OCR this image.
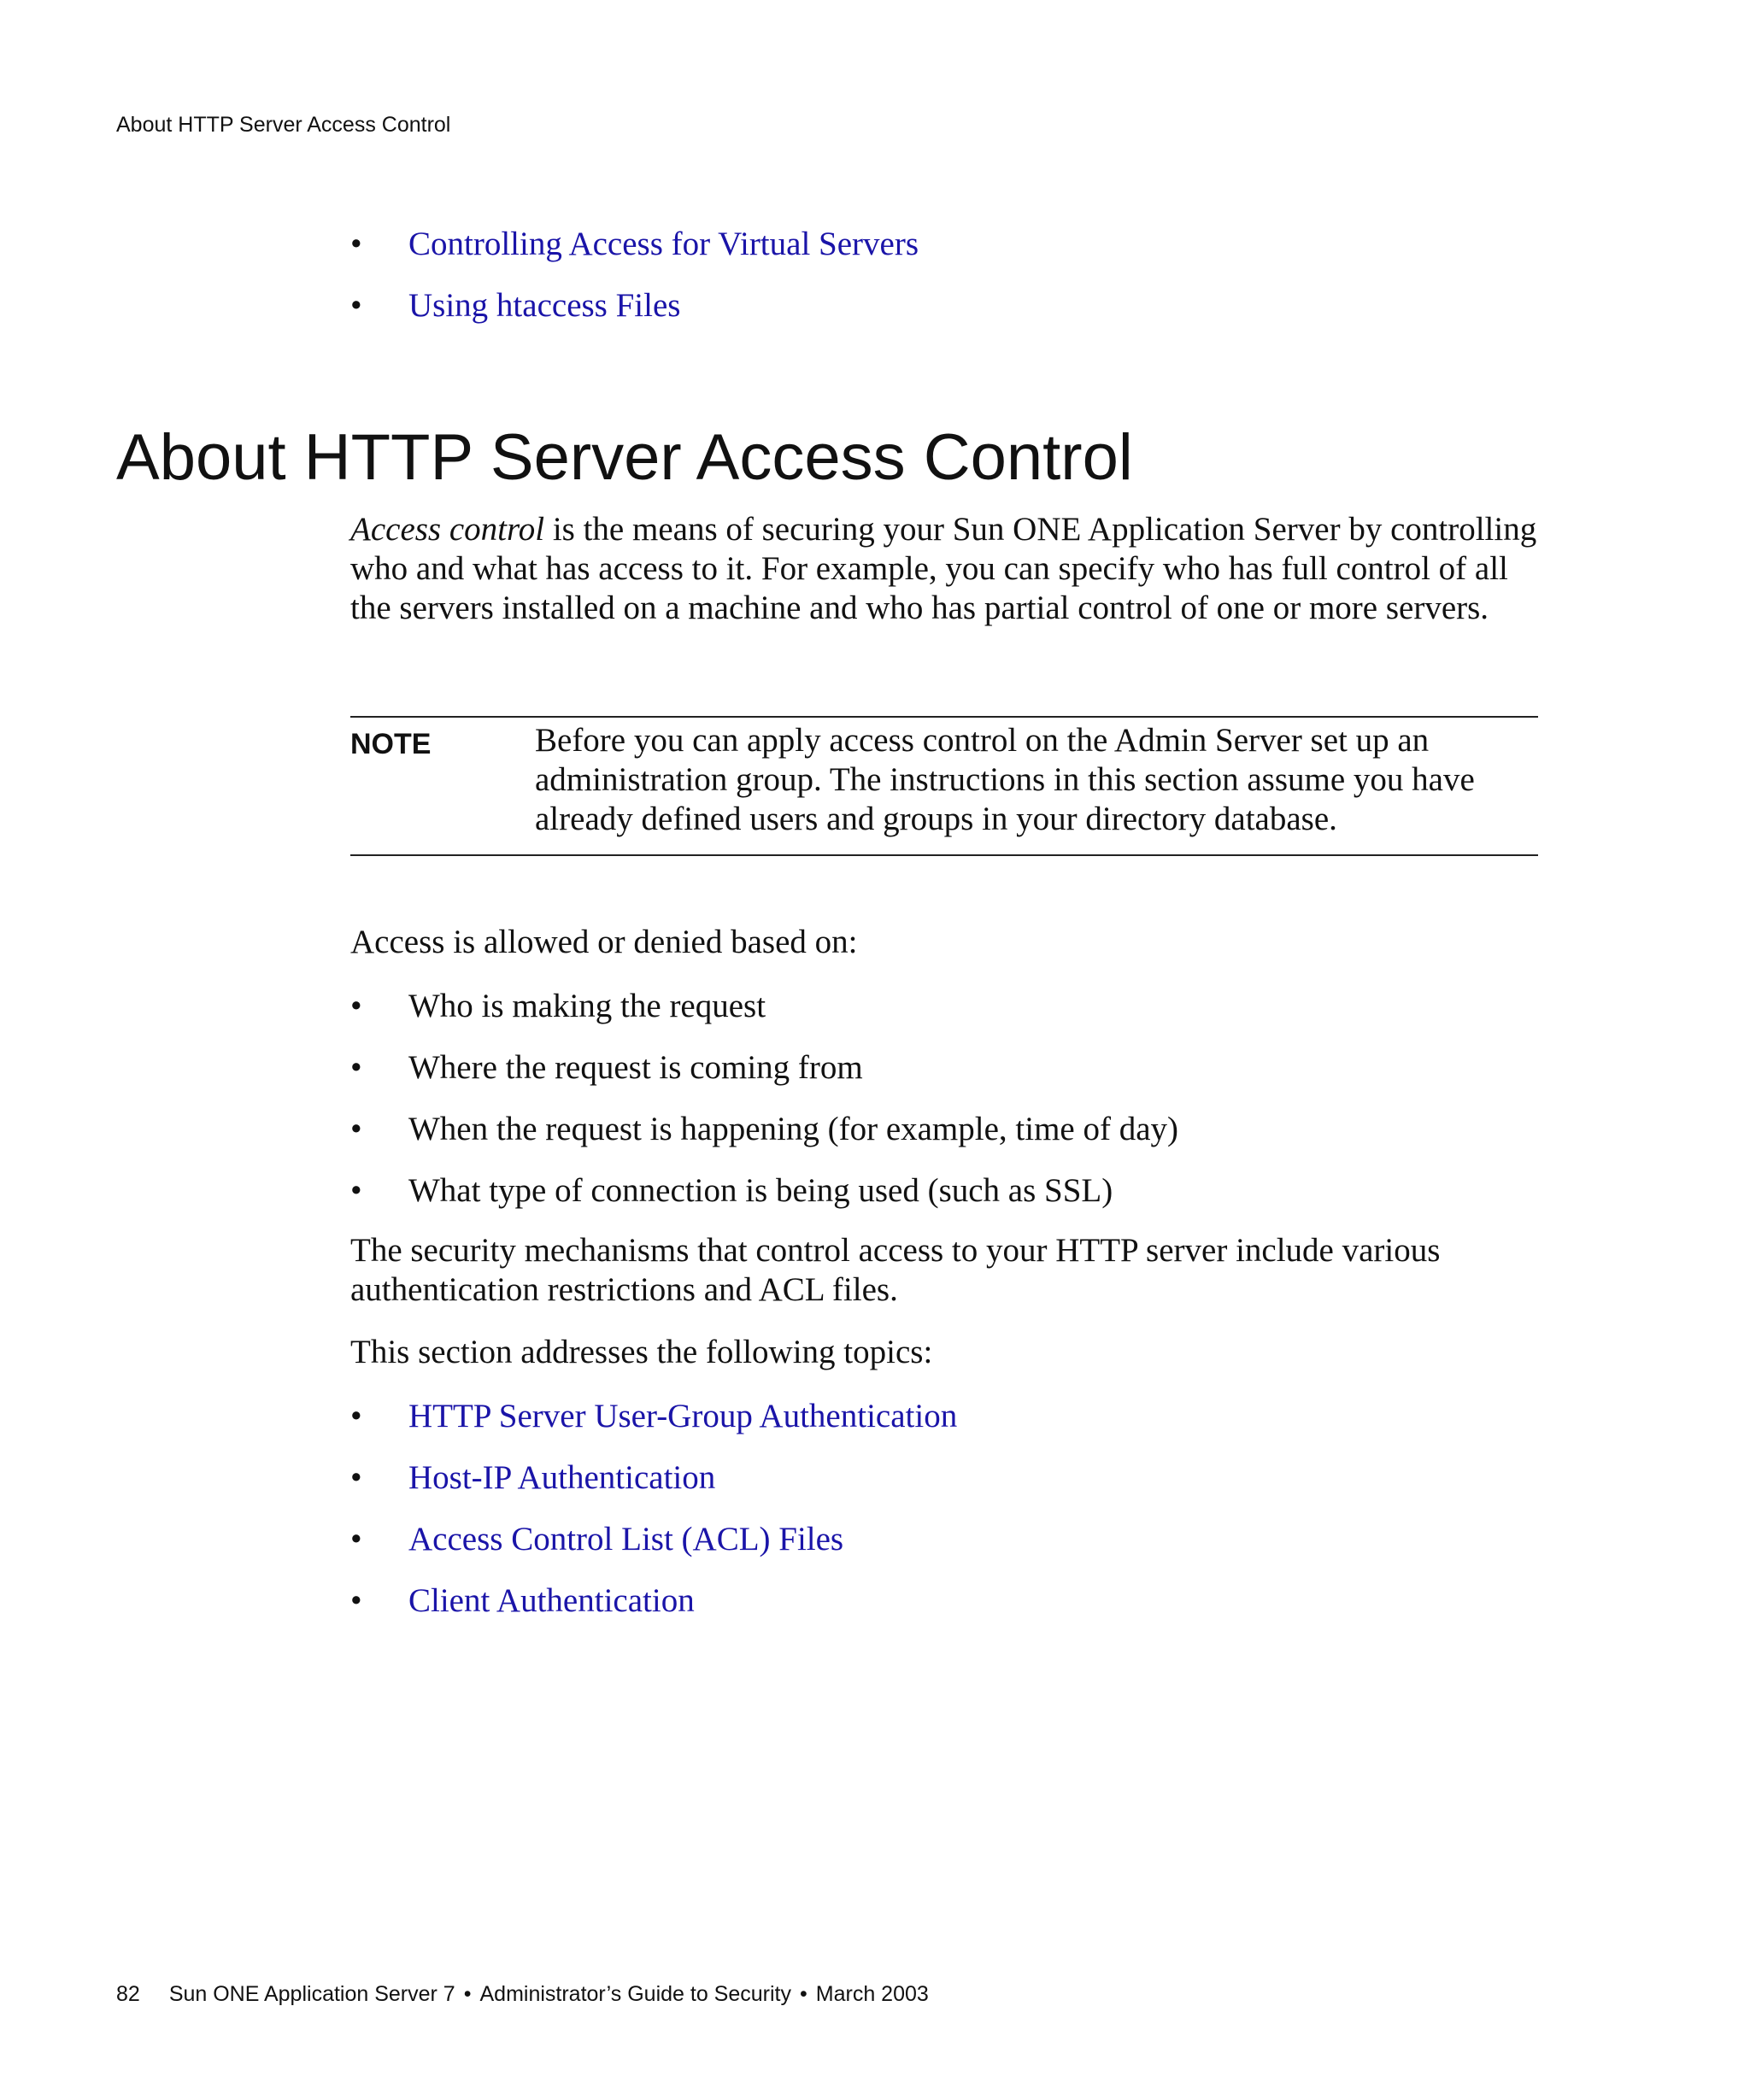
About HTTP Server Access Control
•	Controlling Access for Virtual Servers
•	Using htaccess Files
About HTTP Server Access Control

Access control is the means of securing your Sun ONE Application Server by controlling who and what has access to it. For example, you can specify who has full control of all the servers installed on a machine and who has partial control of one or more servers.

NOTE	Before you can apply access control on the Admin Server set up an administration group. The instructions in this section assume you have already defined users and groups in your directory database.

Access is allowed or denied based on:

•	Who is making the request
•	Where the request is coming from
•	When the request is happening (for example, time of day)
•	What type of connection is being used (such as SSL)

The security mechanisms that control access to your HTTP server include various authentication restrictions and ACL files.

This section addresses the following topics:

•	HTTP Server User-Group Authentication
•	Host-IP Authentication
•	Access Control List (ACL) Files
•	Client Authentication
82 Sun ONE Application Server 7 • Administrator’s Guide to Security • March 2003
